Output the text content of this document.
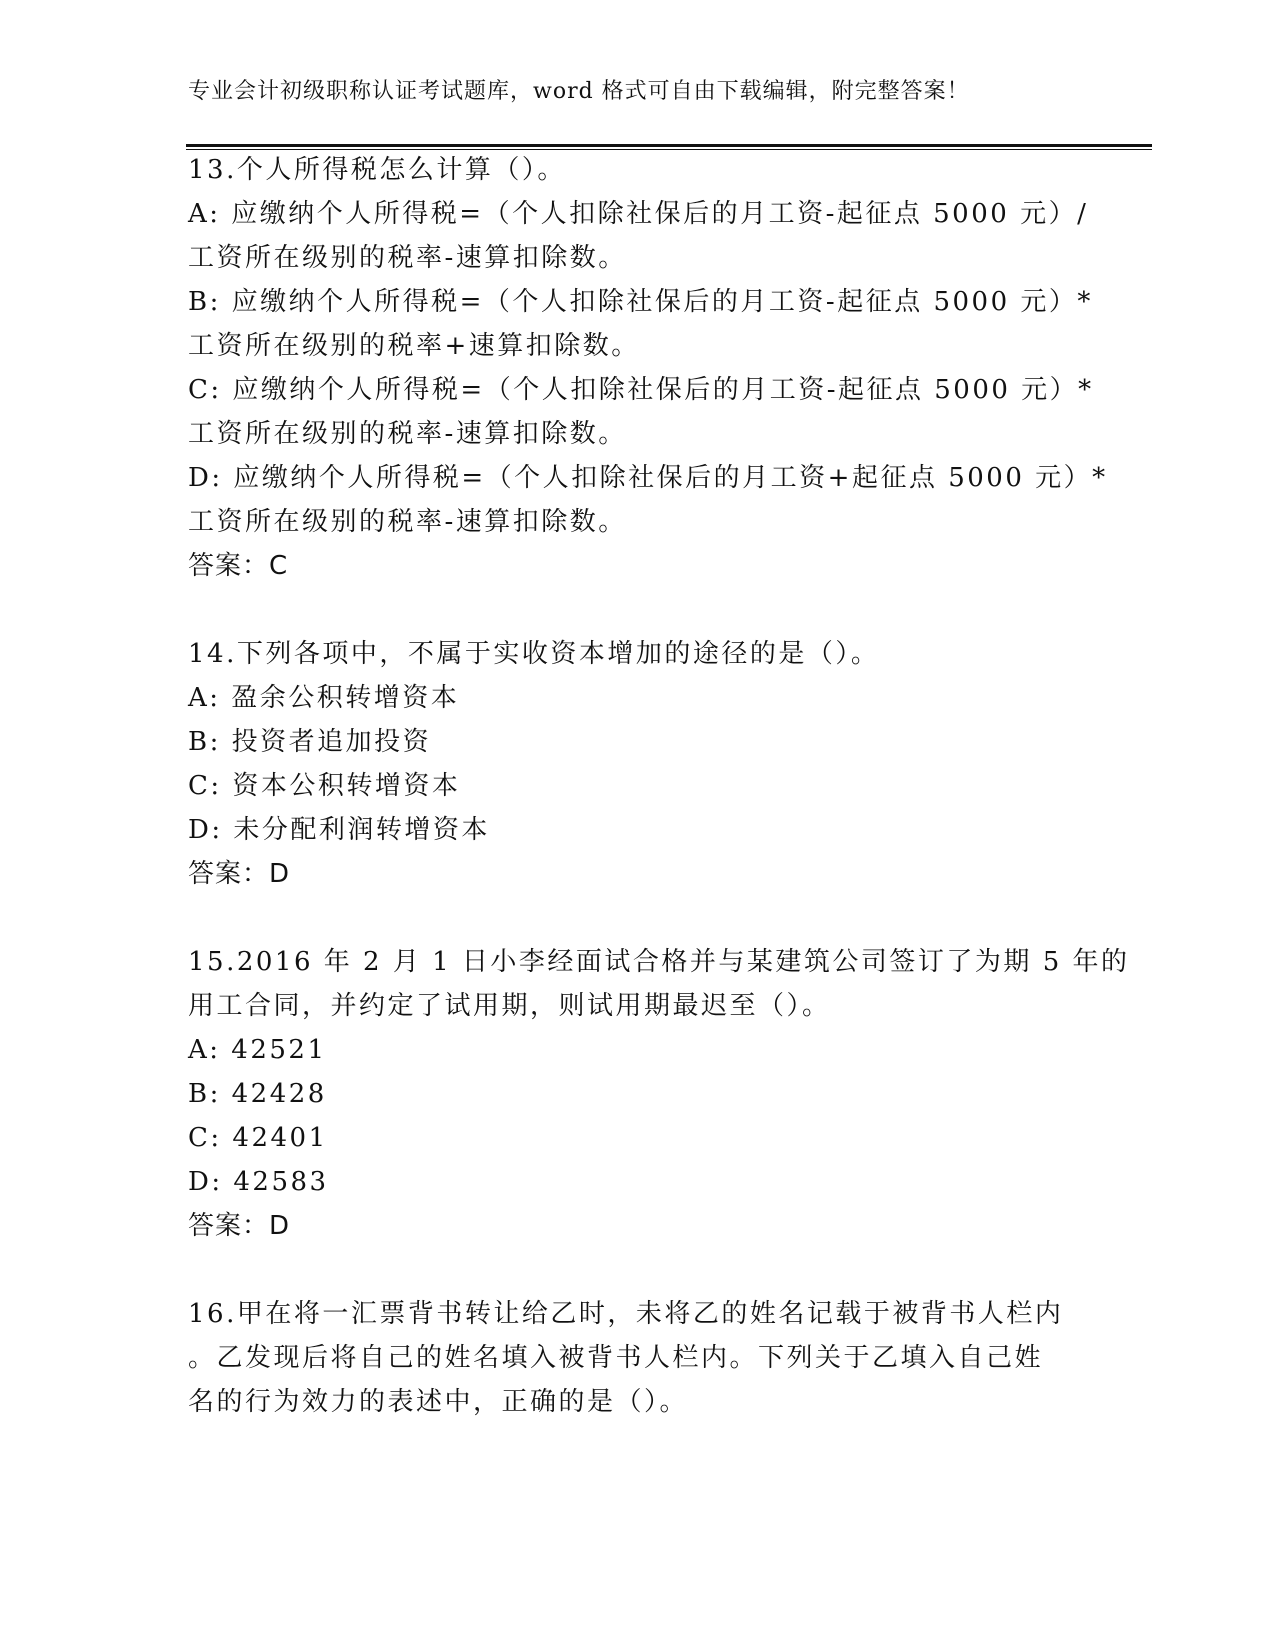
专业会计初级职称认证考试题库，word 格式可自由下载编辑，附完整答案！
13.个人所得税怎么计算（）。
A: 应缴纳个人所得税=（个人扣除社保后的月工资-起征点 5000 元）/
工资所在级别的税率-速算扣除数。
B: 应缴纳个人所得税=（个人扣除社保后的月工资-起征点 5000 元）*
工资所在级别的税率+速算扣除数。
C: 应缴纳个人所得税=（个人扣除社保后的月工资-起征点 5000 元）*
工资所在级别的税率-速算扣除数。
D: 应缴纳个人所得税=（个人扣除社保后的月工资+起征点 5000 元）*
工资所在级别的税率-速算扣除数。
答案：C
14.下列各项中，不属于实收资本增加的途径的是（）。
A: 盈余公积转增资本
B: 投资者追加投资
C: 资本公积转增资本
D: 未分配利润转增资本
答案：D
15.2016 年 2 月 1 日小李经面试合格并与某建筑公司签订了为期 5 年的
用工合同，并约定了试用期，则试用期最迟至（）。
A: 42521
B: 42428
C: 42401
D: 42583
答案：D
16.甲在将一汇票背书转让给乙时，未将乙的姓名记载于被背书人栏内
。乙发现后将自己的姓名填入被背书人栏内。下列关于乙填入自己姓
名的行为效力的表述中，正确的是（）。
